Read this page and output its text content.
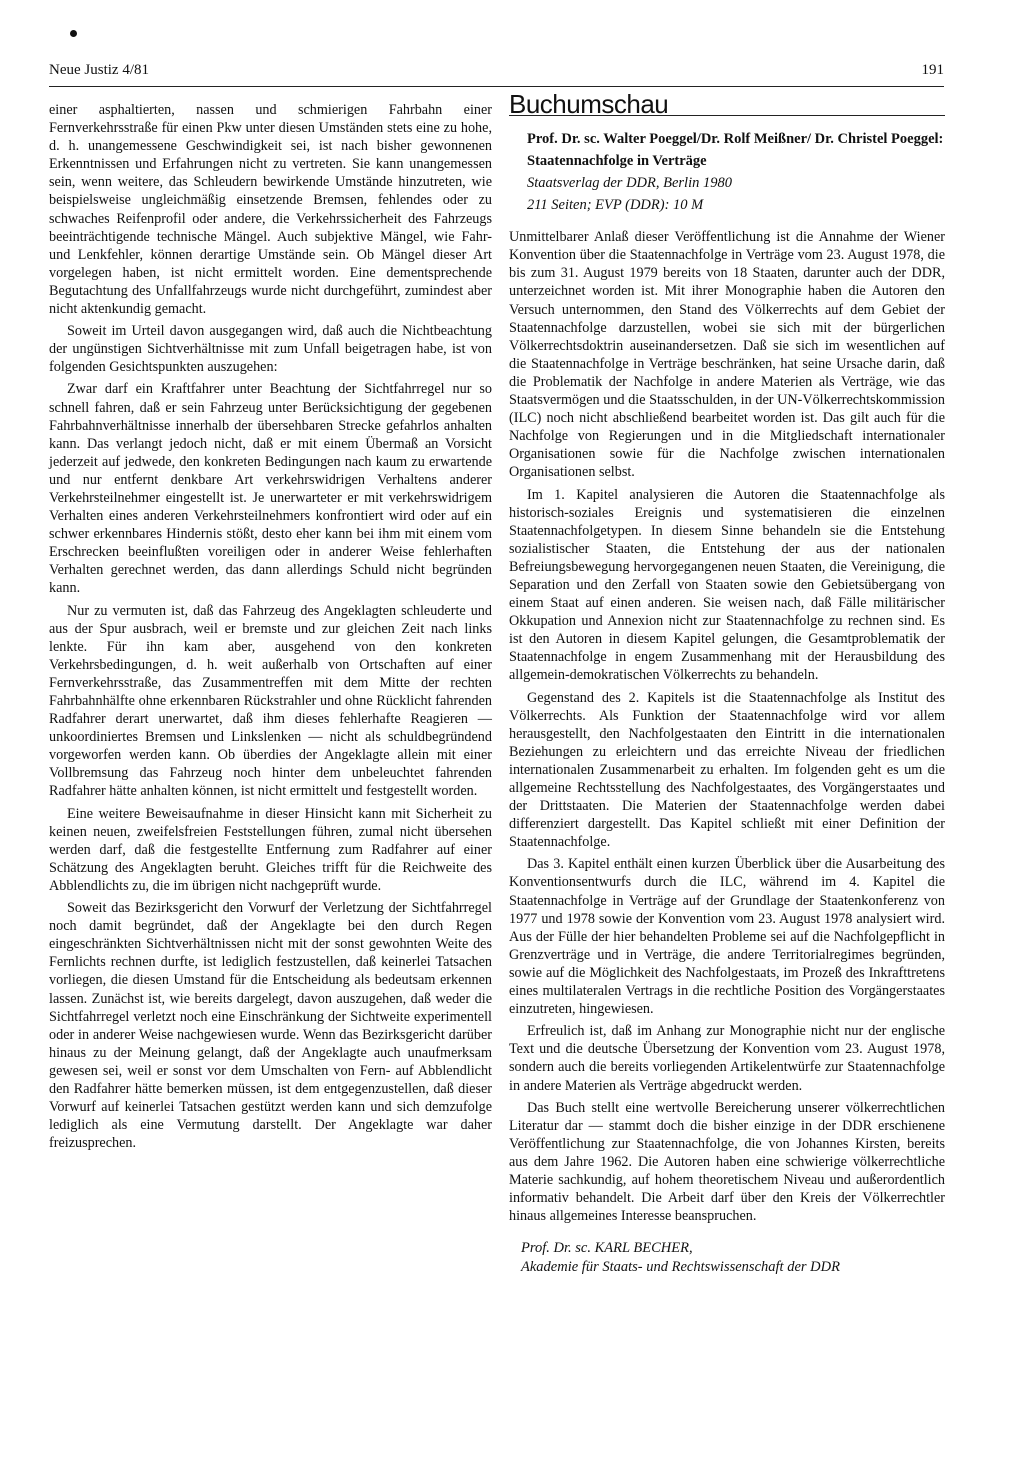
Neue Justiz 4/81	191

einer asphaltierten, nassen und schmierigen Fahrbahn einer Fernverkehrsstraße für einen Pkw unter diesen Umständen stets eine zu hohe, d. h. unangemessene Geschwindigkeit sei, ist nach bisher gewonnenen Erkenntnissen und Erfahrungen nicht zu vertreten. Sie kann unangemessen sein, wenn weitere, das Schleudern bewirkende Umstände hinzutreten, wie beispielsweise ungleichmäßig einsetzende Bremsen, fehlendes oder zu schwaches Reifenprofil oder andere, die Verkehrssicherheit des Fahrzeugs beeinträchtigende technische Mängel. Auch subjektive Mängel, wie Fahr- und Lenkfehler, können derartige Umstände sein. Ob Mängel dieser Art vorgelegen haben, ist nicht ermittelt worden. Eine dementsprechende Begutachtung des Unfallfahrzeugs wurde nicht durchgeführt, zumindest aber nicht aktenkundig gemacht.

Soweit im Urteil davon ausgegangen wird, daß auch die Nichtbeachtung der ungünstigen Sichtverhältnisse mit zum Unfall beigetragen habe, ist von folgenden Gesichtspunkten auszugehen:

Zwar darf ein Kraftfahrer unter Beachtung der Sichtfahrregel nur so schnell fahren, daß er sein Fahrzeug unter Berücksichtigung der gegebenen Fahrbahnverhältnisse innerhalb der übersehbaren Strecke gefahrlos anhalten kann. Das verlangt jedoch nicht, daß er mit einem Übermaß an Vorsicht jederzeit auf jedwede, den konkreten Bedingungen nach kaum zu erwartende und nur entfernt denkbare Art verkehrswidrigen Verhaltens anderer Verkehrsteilnehmer eingestellt ist. Je unerwarteter er mit verkehrswidrigem Verhalten eines anderen Verkehrsteilnehmers konfrontiert wird oder auf ein schwer erkennbares Hindernis stößt, desto eher kann bei ihm mit einem vom Erschrecken beeinflußten voreiligen oder in anderer Weise fehlerhaften Verhalten gerechnet werden, das dann allerdings Schuld nicht begründen kann.

Nur zu vermuten ist, daß das Fahrzeug des Angeklagten schleuderte und aus der Spur ausbrach, weil er bremste und zur gleichen Zeit nach links lenkte. Für ihn kam aber, ausgehend von den konkreten Verkehrsbedingungen, d. h. weit außerhalb von Ortschaften auf einer Fernverkehrsstraße, das Zusammentreffen mit dem Mitte der rechten Fahrbahnhälfte ohne erkennbaren Rückstrahler und ohne Rücklicht fahrenden Radfahrer derart unerwartet, daß ihm dieses fehlerhafte Reagieren — unkoordiniertes Bremsen und Linkslenken — nicht als schuldbegründend vorgeworfen werden kann. Ob überdies der Angeklagte allein mit einer Vollbremsung das Fahrzeug noch hinter dem unbeleuchtet fahrenden Radfahrer hätte anhalten können, ist nicht ermittelt und festgestellt worden.

Eine weitere Beweisaufnahme in dieser Hinsicht kann mit Sicherheit zu keinen neuen, zweifelsfreien Feststellungen führen, zumal nicht übersehen werden darf, daß die festgestellte Entfernung zum Radfahrer auf einer Schätzung des Angeklagten beruht. Gleiches trifft für die Reichweite des Abblendlichts zu, die im übrigen nicht nachgeprüft wurde.

Soweit das Bezirksgericht den Vorwurf der Verletzung der Sichtfahrregel noch damit begründet, daß der Angeklagte bei den durch Regen eingeschränkten Sichtverhältnissen nicht mit der sonst gewohnten Weite des Fernlichts rechnen durfte, ist lediglich festzustellen, daß keinerlei Tatsachen vorliegen, die diesen Umstand für die Entscheidung als bedeutsam erkennen lassen. Zunächst ist, wie bereits dargelegt, davon auszugehen, daß weder die Sichtfahrregel verletzt noch eine Einschränkung der Sichtweite experimentell oder in anderer Weise nachgewiesen wurde. Wenn das Bezirksgericht darüber hinaus zu der Meinung gelangt, daß der Angeklagte auch unaufmerksam gewesen sei, weil er sonst vor dem Umschalten von Fern- auf Abblendlicht den Radfahrer hätte bemerken müssen, ist dem entgegenzustellen, daß dieser Vorwurf auf keinerlei Tatsachen gestützt werden kann und sich demzufolge lediglich als eine Vermutung darstellt. Der Angeklagte war daher freizusprechen.

Buchumschau

Prof. Dr. sc. Walter Poeggel/Dr. Rolf Meißner/ Dr. Christel Poeggel:

Staatennachfolge in Verträge

Staatsverlag der DDR, Berlin 1980

211 Seiten; EVP (DDR): 10 M

Unmittelbarer Anlaß dieser Veröffentlichung ist die Annahme der Wiener Konvention über die Staatennachfolge in Verträge vom 23. August 1978, die bis zum 31. August 1979 bereits von 18 Staaten, darunter auch der DDR, unterzeichnet worden ist. Mit ihrer Monographie haben die Autoren den Versuch unternommen, den Stand des Völkerrechts auf dem Gebiet der Staatennachfolge darzustellen, wobei sie sich mit der bürgerlichen Völkerrechtsdoktrin auseinandersetzen. Daß sie sich im wesentlichen auf die Staatennachfolge in Verträge beschränken, hat seine Ursache darin, daß die Problematik der Nachfolge in andere Materien als Verträge, wie das Staatsvermögen und die Staatsschulden, in der UN-Völkerrechtskommission (ILC) noch nicht abschließend bearbeitet worden ist. Das gilt auch für die Nachfolge von Regierungen und in die Mitgliedschaft internationaler Organisationen sowie für die Nachfolge zwischen internationalen Organisationen selbst.

Im 1. Kapitel analysieren die Autoren die Staatennachfolge als historisch-soziales Ereignis und systematisieren die einzelnen Staatennachfolgetypen. In diesem Sinne behandeln sie die Entstehung sozialistischer Staaten, die Entstehung der aus der nationalen Befreiungsbewegung hervorgegangenen neuen Staaten, die Vereinigung, die Separation und den Zerfall von Staaten sowie den Gebietsübergang von einem Staat auf einen anderen. Sie weisen nach, daß Fälle militärischer Okkupation und Annexion nicht zur Staatennachfolge zu rechnen sind. Es ist den Autoren in diesem Kapitel gelungen, die Gesamtproblematik der Staatennachfolge in engem Zusammenhang mit der Herausbildung des allgemein-demokratischen Völkerrechts zu behandeln.

Gegenstand des 2. Kapitels ist die Staatennachfolge als Institut des Völkerrechts. Als Funktion der Staatennachfolge wird vor allem herausgestellt, den Nachfolgestaaten den Eintritt in die internationalen Beziehungen zu erleichtern und das erreichte Niveau der friedlichen internationalen Zusammenarbeit zu erhalten. Im folgenden geht es um die allgemeine Rechtsstellung des Nachfolgestaates, des Vorgängerstaates und der Drittstaaten. Die Materien der Staatennachfolge werden dabei differenziert dargestellt. Das Kapitel schließt mit einer Definition der Staatennachfolge.

Das 3. Kapitel enthält einen kurzen Überblick über die Ausarbeitung des Konventionsentwurfs durch die ILC, während im 4. Kapitel die Staatennachfolge in Verträge auf der Grundlage der Staatenkonferenz von 1977 und 1978 sowie der Konvention vom 23. August 1978 analysiert wird. Aus der Fülle der hier behandelten Probleme sei auf die Nachfolgepflicht in Grenzverträge und in Verträge, die andere Territorialregimes begründen, sowie auf die Möglichkeit des Nachfolgestaats, im Prozeß des Inkrafttretens eines multilateralen Vertrags in die rechtliche Position des Vorgängerstaates einzutreten, hingewiesen.

Erfreulich ist, daß im Anhang zur Monographie nicht nur der englische Text und die deutsche Übersetzung der Konvention vom 23. August 1978, sondern auch die bereits vorliegenden Artikelentwürfe zur Staatennachfolge in andere Materien als Verträge abgedruckt werden.

Das Buch stellt eine wertvolle Bereicherung unserer völkerrechtlichen Literatur dar — stammt doch die bisher einzige in der DDR erschienene Veröffentlichung zur Staatennachfolge, die von Johannes Kirsten, bereits aus dem Jahre 1962. Die Autoren haben eine schwierige völkerrechtliche Materie sachkundig, auf hohem theoretischem Niveau und außerordentlich informativ behandelt. Die Arbeit darf über den Kreis der Völkerrechtler hinaus allgemeines Interesse beanspruchen.

Prof. Dr. sc. KARL BECHER,
Akademie für Staats- und Rechtswissenschaft der DDR
